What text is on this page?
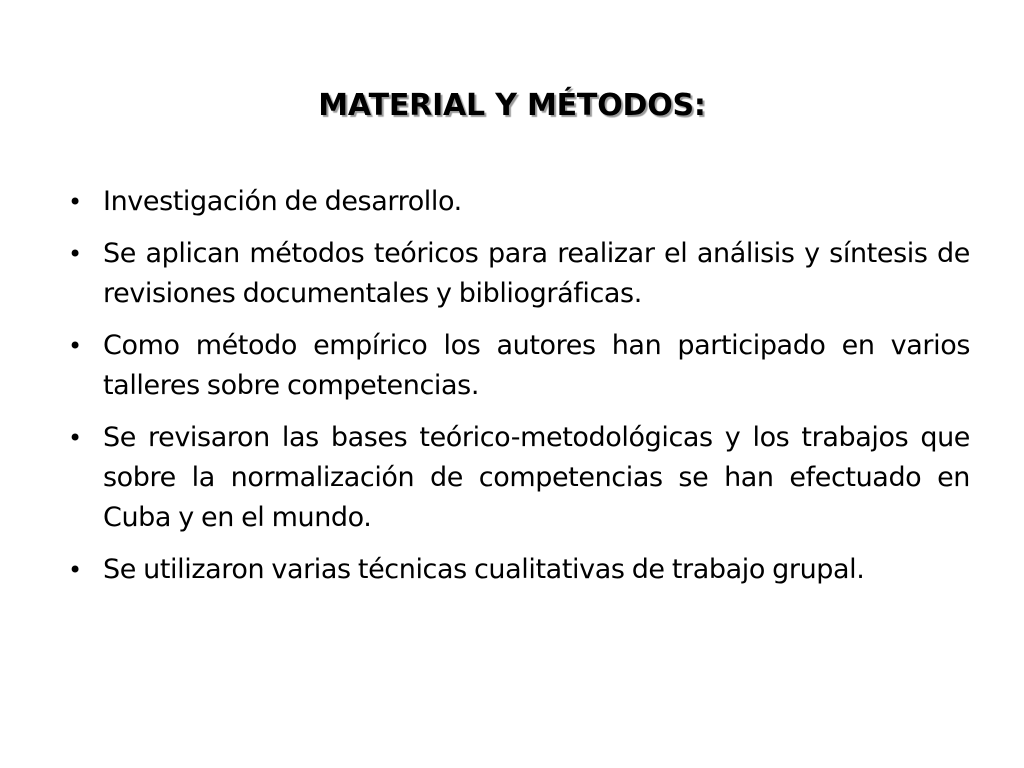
MATERIAL Y MÉTODOS:
• Investigación de desarrollo.
• Se aplican métodos teóricos para realizar el análisis y síntesis de revisiones documentales y bibliográficas.
• Como método empírico los autores han participado en varios talleres sobre competencias.
• Se revisaron las bases teórico-metodológicas y los trabajos que sobre la normalización de competencias se han efectuado en Cuba y en el mundo.
• Se utilizaron varias técnicas cualitativas de trabajo grupal.
